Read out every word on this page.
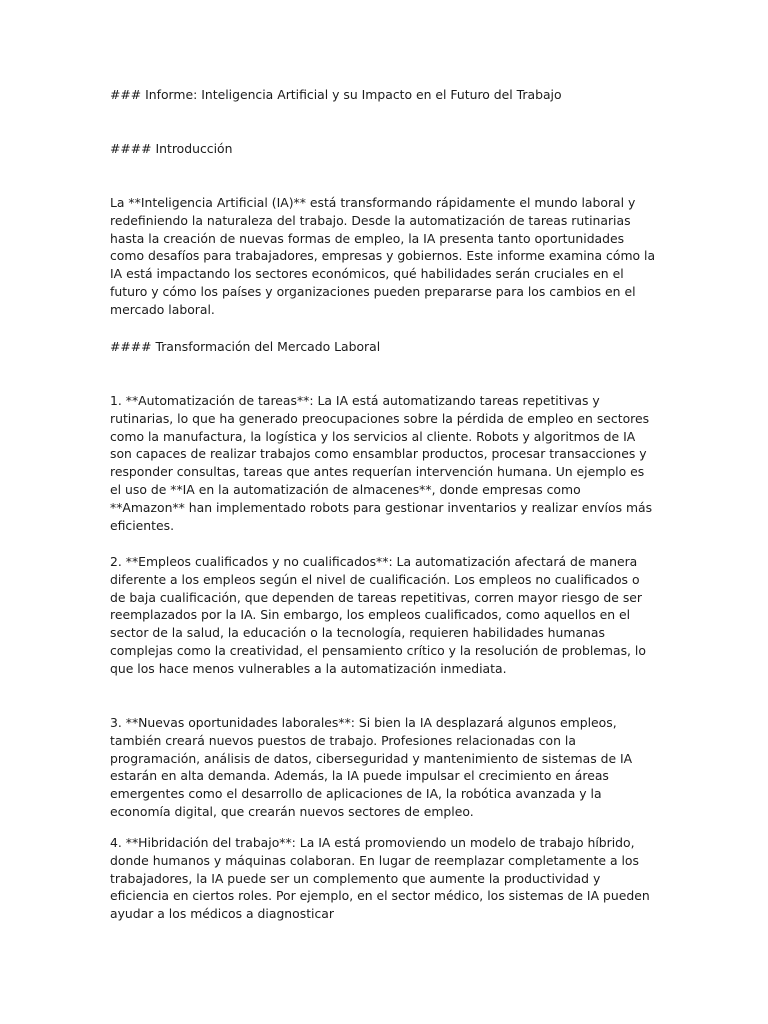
### Informe: Inteligencia Artificial y su Impacto en el Futuro del Trabajo

#### Introducción

La **Inteligencia Artificial (IA)** está transformando rápidamente el mundo laboral y redefiniendo la naturaleza del trabajo. Desde la automatización de tareas rutinarias hasta la creación de nuevas formas de empleo, la IA presenta tanto oportunidades como desafíos para trabajadores, empresas y gobiernos. Este informe examina cómo la IA está impactando los sectores económicos, qué habilidades serán cruciales en el futuro y cómo los países y organizaciones pueden prepararse para los cambios en el mercado laboral.

#### Transformación del Mercado Laboral

1. **Automatización de tareas**: La IA está automatizando tareas repetitivas y rutinarias, lo que ha generado preocupaciones sobre la pérdida de empleo en sectores como la manufactura, la logística y los servicios al cliente. Robots y algoritmos de IA son capaces de realizar trabajos como ensamblar productos, procesar transacciones y responder consultas, tareas que antes requerían intervención humana. Un ejemplo es el uso de **IA en la automatización de almacenes**, donde empresas como **Amazon** han implementado robots para gestionar inventarios y realizar envíos más eficientes.

2. **Empleos cualificados y no cualificados**: La automatización afectará de manera diferente a los empleos según el nivel de cualificación. Los empleos no cualificados o de baja cualificación, que dependen de tareas repetitivas, corren mayor riesgo de ser reemplazados por la IA. Sin embargo, los empleos cualificados, como aquellos en el sector de la salud, la educación o la tecnología, requieren habilidades humanas complejas como la creatividad, el pensamiento crítico y la resolución de problemas, lo que los hace menos vulnerables a la automatización inmediata.

3. **Nuevas oportunidades laborales**: Si bien la IA desplazará algunos empleos, también creará nuevos puestos de trabajo. Profesiones relacionadas con la programación, análisis de datos, ciberseguridad y mantenimiento de sistemas de IA estarán en alta demanda. Además, la IA puede impulsar el crecimiento en áreas emergentes como el desarrollo de aplicaciones de IA, la robótica avanzada y la economía digital, que crearán nuevos sectores de empleo.

4. **Hibridación del trabajo**: La IA está promoviendo un modelo de trabajo híbrido, donde humanos y máquinas colaboran. En lugar de reemplazar completamente a los trabajadores, la IA puede ser un complemento que aumente la productividad y eficiencia en ciertos roles. Por ejemplo, en el sector médico, los sistemas de IA pueden ayudar a los médicos a diagnosticar
